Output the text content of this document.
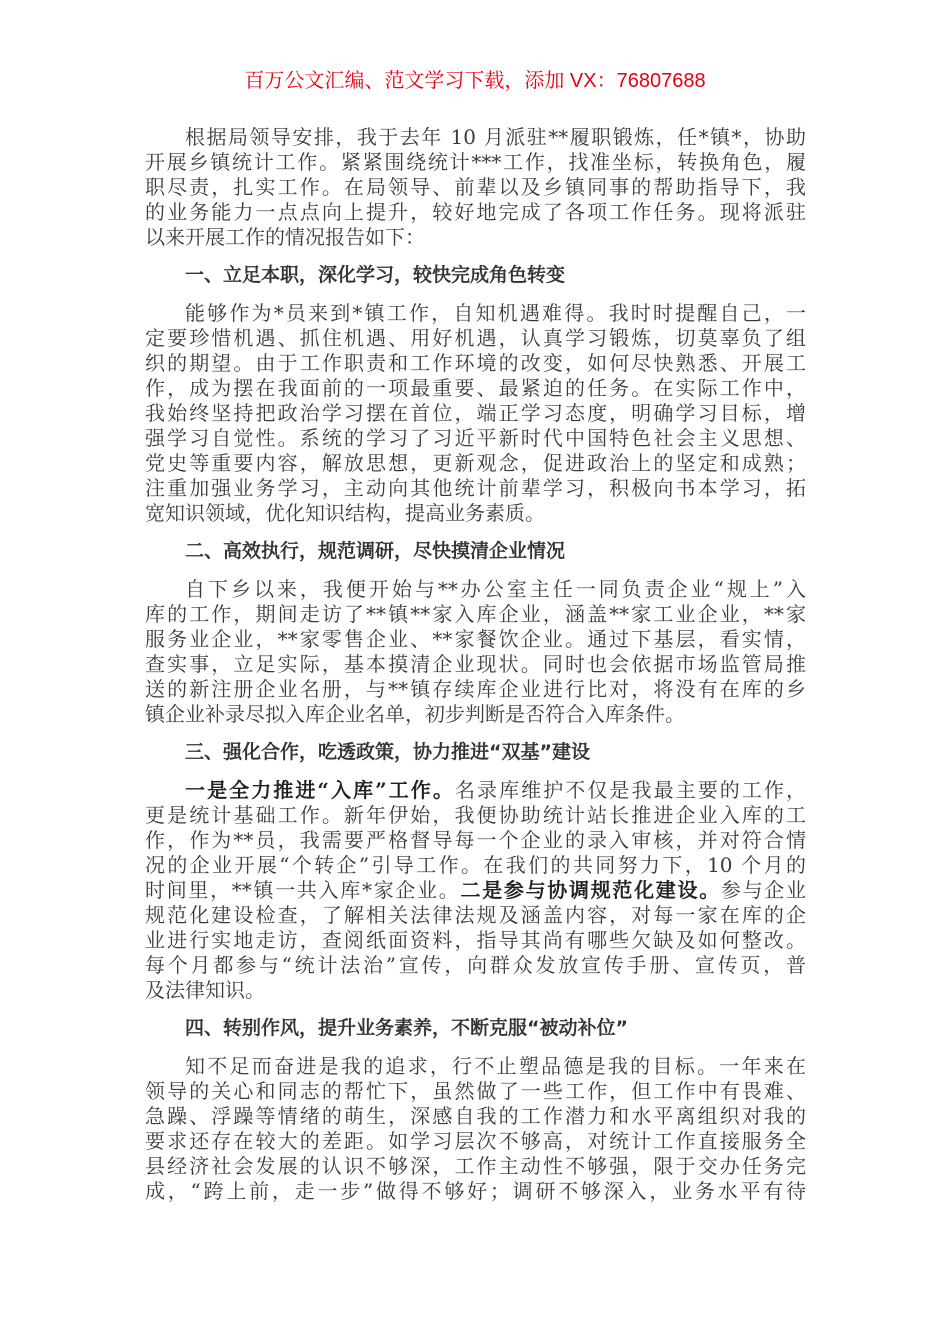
百万公文汇编、范文学习下载，添加 VX：76807688
根据局领导安排，我于去年 10 月派驻**履职锻炼，任*镇*，协助
开展乡镇统计工作。紧紧围绕统计***工作，找准坐标，转换角色，履
职尽责，扎实工作。在局领导、前辈以及乡镇同事的帮助指导下，我
的业务能力一点点向上提升，较好地完成了各项工作任务。现将派驻
以来开展工作的情况报告如下：
一、立足本职，深化学习，较快完成角色转变
能够作为*员来到*镇工作，自知机遇难得。我时时提醒自己，一
定要珍惜机遇、抓住机遇、用好机遇，认真学习锻炼，切莫辜负了组
织的期望。由于工作职责和工作环境的改变，如何尽快熟悉、开展工
作，成为摆在我面前的一项最重要、最紧迫的任务。在实际工作中，
我始终坚持把政治学习摆在首位，端正学习态度，明确学习目标，增
强学习自觉性。系统的学习了习近平新时代中国特色社会主义思想、
党史等重要内容，解放思想，更新观念，促进政治上的坚定和成熟；
注重加强业务学习，主动向其他统计前辈学习，积极向书本学习，拓
宽知识领域，优化知识结构，提高业务素质。
二、高效执行，规范调研，尽快摸清企业情况
自下乡以来，我便开始与**办公室主任一同负责企业“规上”入
库的工作，期间走访了**镇**家入库企业，涵盖**家工业企业，**家
服务业企业，**家零售企业、**家餐饮企业。通过下基层，看实情，
查实事，立足实际，基本摸清企业现状。同时也会依据市场监管局推
送的新注册企业名册，与**镇存续库企业进行比对，将没有在库的乡
镇企业补录尽拟入库企业名单，初步判断是否符合入库条件。
三、强化合作，吃透政策，协力推进“双基”建设
一是全力推进“入库”工作。名录库维护不仅是我最主要的工作，
更是统计基础工作。新年伊始，我便协助统计站长推进企业入库的工
作，作为**员，我需要严格督导每一个企业的录入审核，并对符合情
况的企业开展“个转企”引导工作。在我们的共同努力下，10 个月的
时间里，**镇一共入库*家企业。二是参与协调规范化建设。参与企业
规范化建设检查，了解相关法律法规及涵盖内容，对每一家在库的企
业进行实地走访，查阅纸面资料，指导其尚有哪些欠缺及如何整改。
每个月都参与“统计法治”宣传，向群众发放宣传手册、宣传页，普
及法律知识。
四、转别作风，提升业务素养，不断克服“被动补位”
知不足而奋进是我的追求，行不止塑品德是我的目标。一年来在
领导的关心和同志的帮忙下，虽然做了一些工作，但工作中有畏难、
急躁、浮躁等情绪的萌生，深感自我的工作潜力和水平离组织对我的
要求还存在较大的差距。如学习层次不够高，对统计工作直接服务全
县经济社会发展的认识不够深，工作主动性不够强，限于交办任务完
成，“跨上前，走一步”做得不够好；调研不够深入，业务水平有待
